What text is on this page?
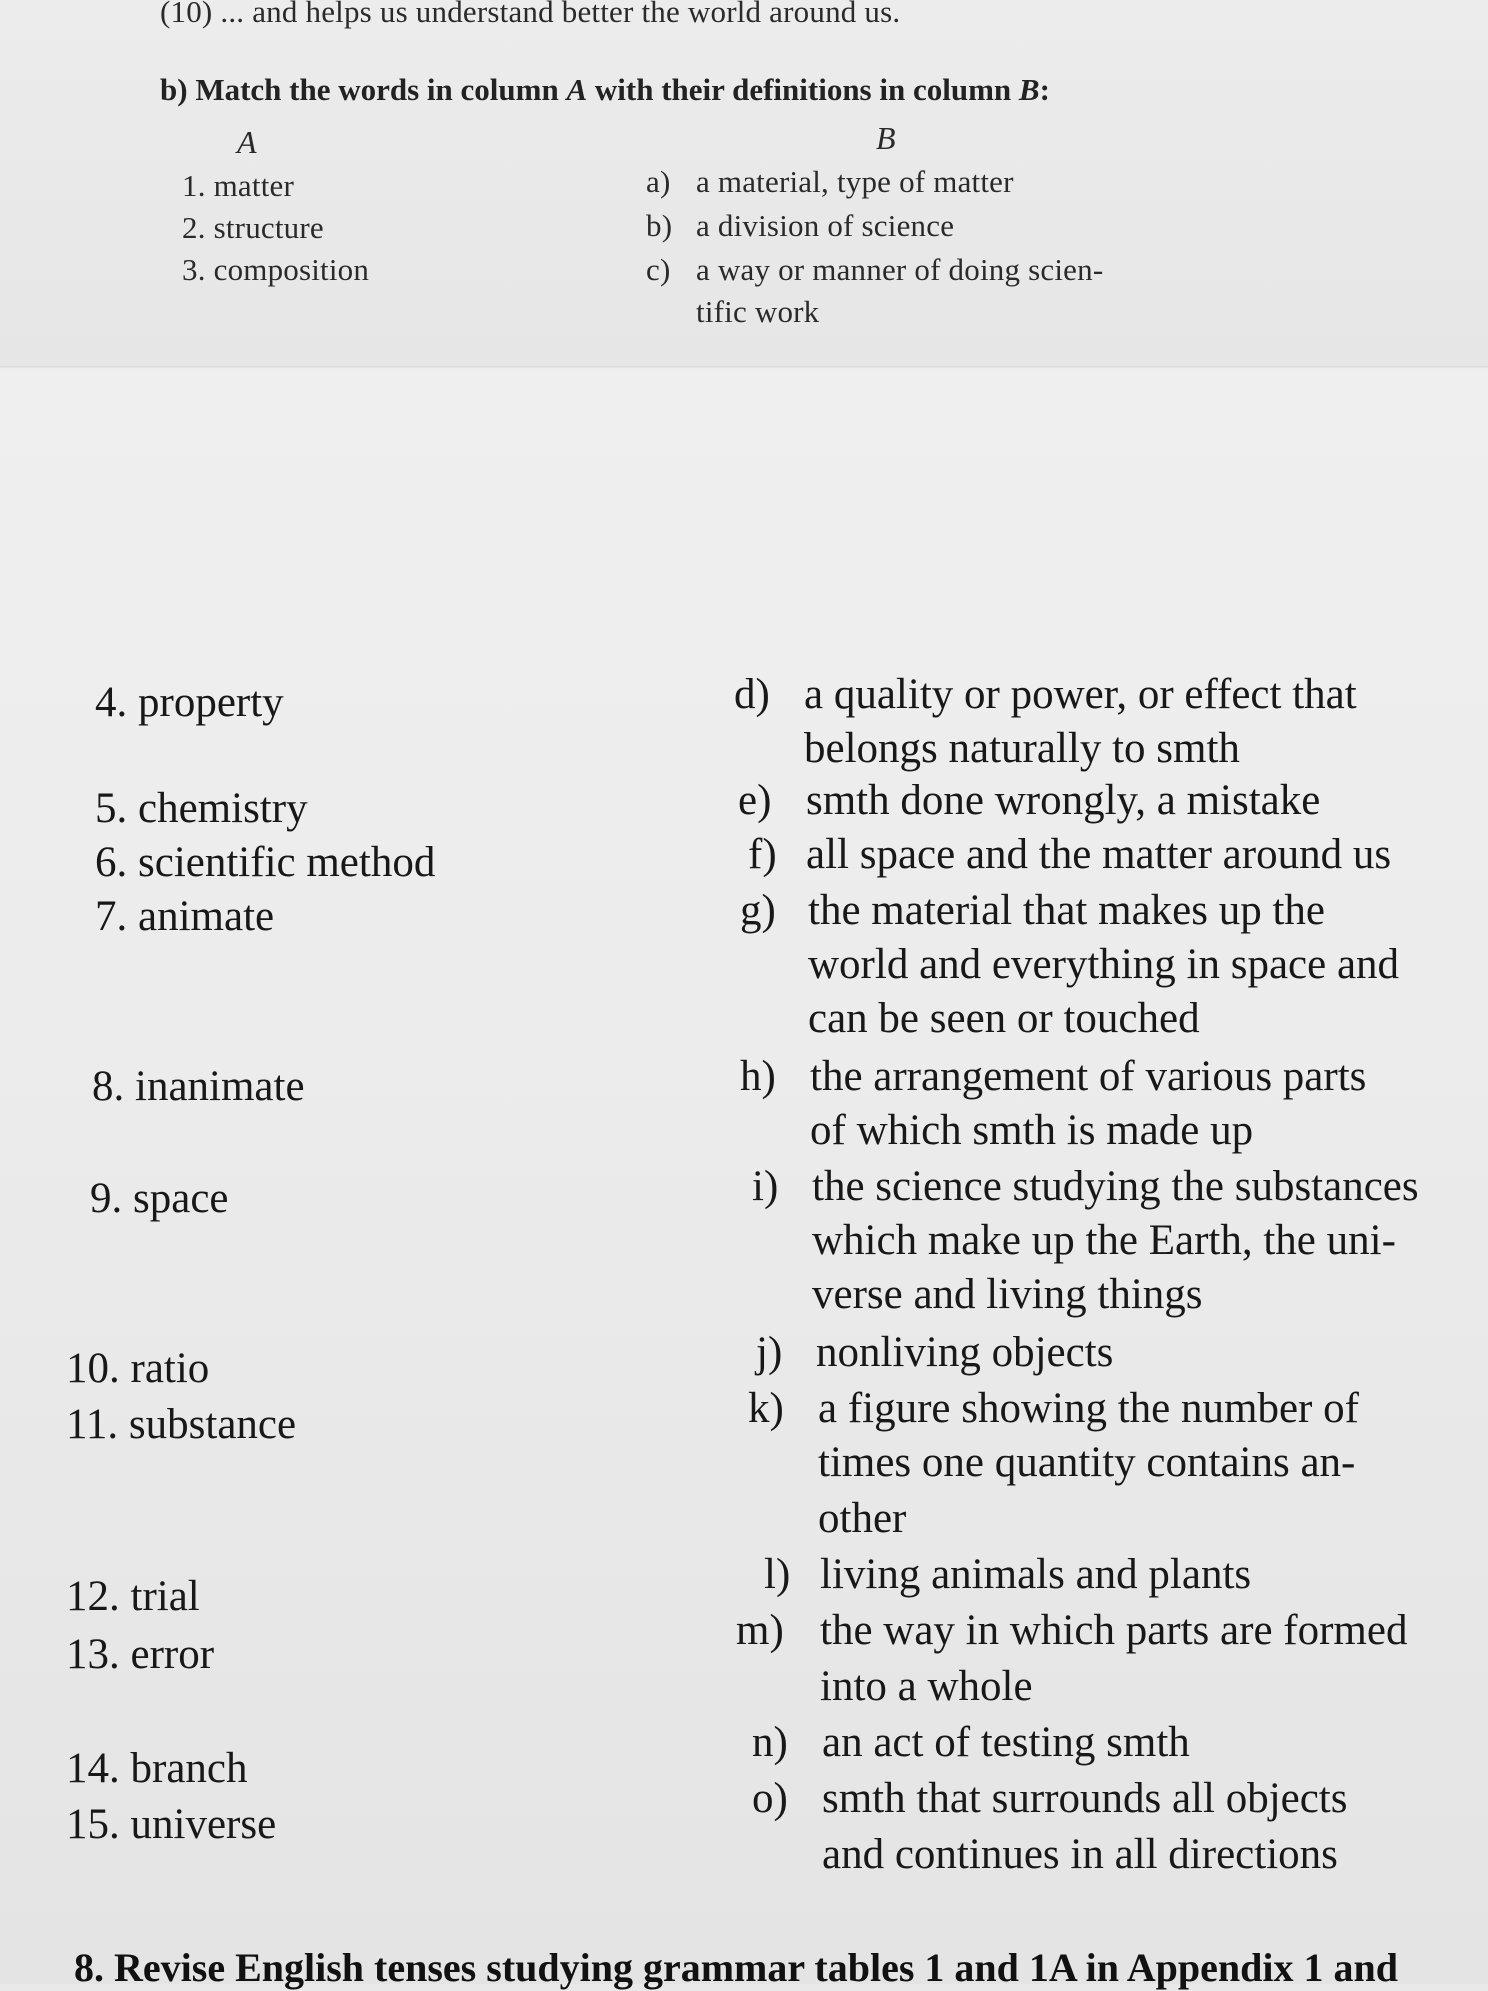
(10) ... and helps us understand better the world around us.
b) Match the words in column A with their definitions in column B:
A	B
1. matter
2. structure
3. composition
a) a material, type of matter
b) a division of science
c) a way or manner of doing scien-
tific work
4. property
5. chemistry
6. scientific method
7. animate
8. inanimate
9. space
10. ratio
11. substance
12. trial
13. error
14. branch
15. universe
d) a quality or power, or effect that
belongs naturally to smth
e) smth done wrongly, a mistake
f) all space and the matter around us
g) the material that makes up the
world and everything in space and
can be seen or touched
h) the arrangement of various parts
of which smth is made up
i) the science studying the substances
which make up the Earth, the uni-
verse and living things
j) nonliving objects
k) a figure showing the number of
times one quantity contains an-
other
l) living animals and plants
m) the way in which parts are formed
into a whole
n) an act of testing smth
o) smth that surrounds all objects
and continues in all directions
8. Revise English tenses studying grammar tables 1 and 1A in Appendix 1 and
